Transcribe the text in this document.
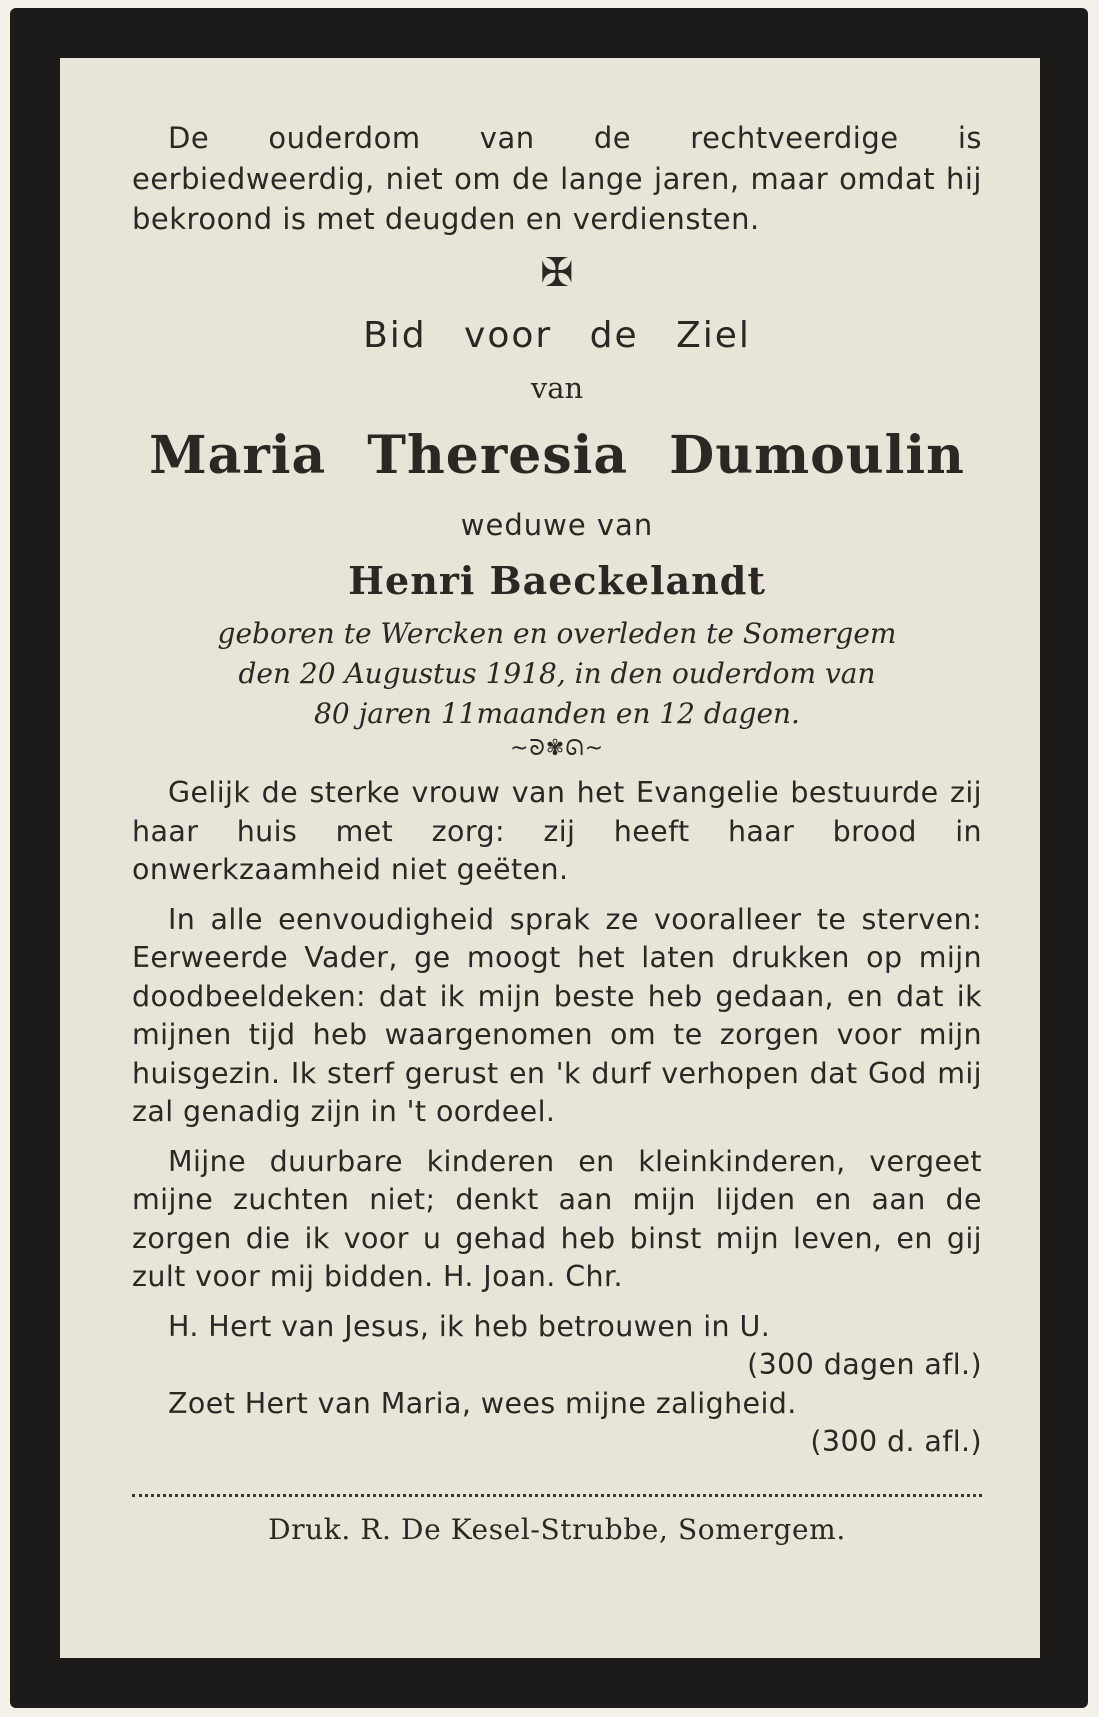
De ouderdom van de rechtveerdige is eerbiedweerdig, niet om de lange jaren, maar omdat hij bekroond is met deugden en verdiensten.

✠
Bid voor de Ziel
van
Maria Theresia Dumoulin
weduwe van
Henri Baeckelandt
geboren te Wercken en overleden te Somergem
den 20 Augustus 1918, in den ouderdom van
80 jaren 11maanden en 12 dagen.
~ᘐ✾ᘏ~

Gelijk de sterke vrouw van het Evangelie bestuurde zij haar huis met zorg: zij heeft haar brood in onwerkzaamheid niet geëten.

In alle eenvoudigheid sprak ze vooralleer te sterven: Eerweerde Vader, ge moogt het laten drukken op mijn doodbeeldeken: dat ik mijn beste heb gedaan, en dat ik mijnen tijd heb waargenomen om te zorgen voor mijn huisgezin. Ik sterf gerust en 'k durf verhopen dat God mij zal genadig zijn in 't oordeel.

Mijne duurbare kinderen en kleinkinderen, vergeet mijne zuchten niet; denkt aan mijn lijden en aan de zorgen die ik voor u gehad heb binst mijn leven, en gij zult voor mij bidden. H. Joan. Chr.

H. Hert van Jesus, ik heb betrouwen in U.

(300 dagen afl.)

Zoet Hert van Maria, wees mijne zaligheid.

(300 d. afl.)

Druk. R. De Kesel-Strubbe, Somergem.
